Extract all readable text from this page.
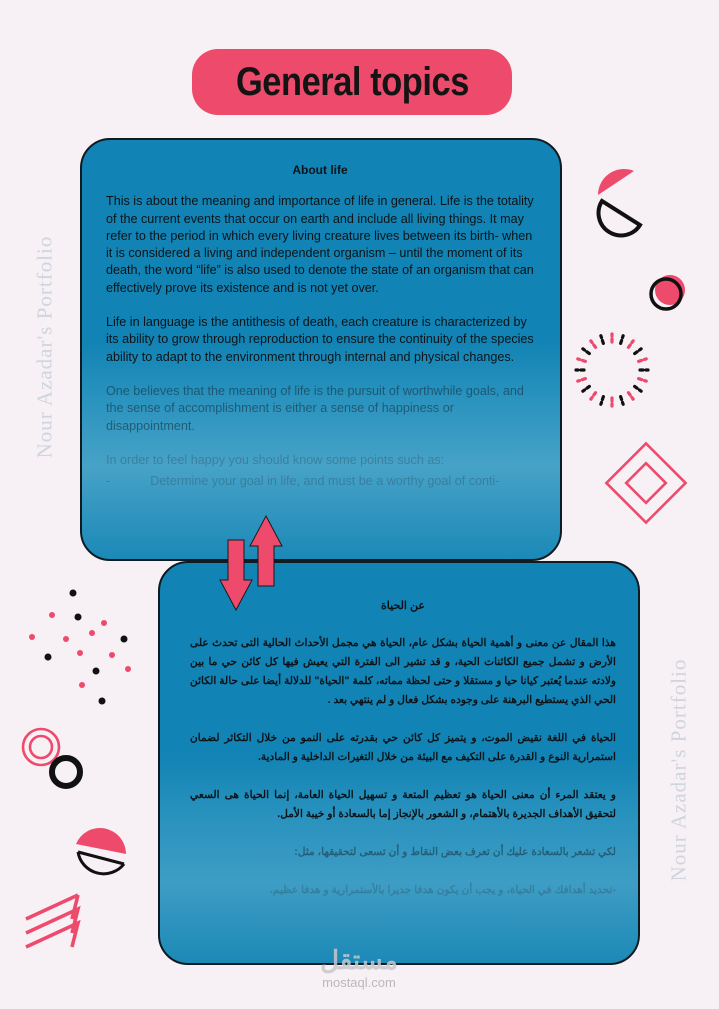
General topics
Nour Azadar's Portfolio
Nour Azadar's Portfolio
About life

This is about the meaning and importance of life in general. Life is the totality of the current events that occur on earth and include all living things. It may refer to the period in which every living creature lives between its birth- when it is considered a living and independent organism – until the moment of its death, the word “life” is also used to denote the state of an organism that can effectively prove its existence and is not yet over.

Life in language is the antithesis of death, each creature is characterized by its ability to grow through reproduction to ensure the continuity of the species ability to adapt to the environment through internal and physical changes.

One believes that the meaning of life is the pursuit of worthwhile goals, and the sense of accomplishment is either a sense of happiness or disappointment.

In order to feel happy you should know some points such as:

-	Determine your goal in life, and must be a worthy goal of conti-
عن الحياة

هذا المقال عن معنى و أهمية الحياة بشكل عام، الحياة هي مجمل الأحداث الحالية التى تحدث على الأرض و تشمل جميع الكائنات الحية، و قد تشير الى الفترة التي يعيش فيها كل كائن حي ما بين ولادته عندما يُعتبر كيانا حيا و مستقلا و حتى لحظة مماته، كلمة "الحياة" للدلالة أيضا على حالة الكائن الحي الذي يستطيع البرهنة على وجوده بشكل فعال و لم ينتهي بعد .

الحياة في اللغة نقيض الموت، و يتميز كل كائن حي بقدرته على النمو من خلال التكاثر لضمان استمرارية النوع و القدرة على التكيف مع البيئة من خلال التغيرات الداخلية و المادية.

و يعتقد المرء أن معنى الحياة هو تعظيم المتعة و تسهيل الحياة العامة، إنما الحياة هى السعي لتحقيق الأهداف الجديرة بالأهتمام، و الشعور بالإنجاز إما بالسعادة أو خيبة الأمل.

لكي تشعر بالسعادة عليك أن تعرف بعض النقاط و أن تسعى لتحقيقها، مثل:

-تحديد أهدافك في الحياة، و يجب أن يكون هدفا جديرا بالأستمرارية و هدفا عظيم.

مستقل
mostaql.com
